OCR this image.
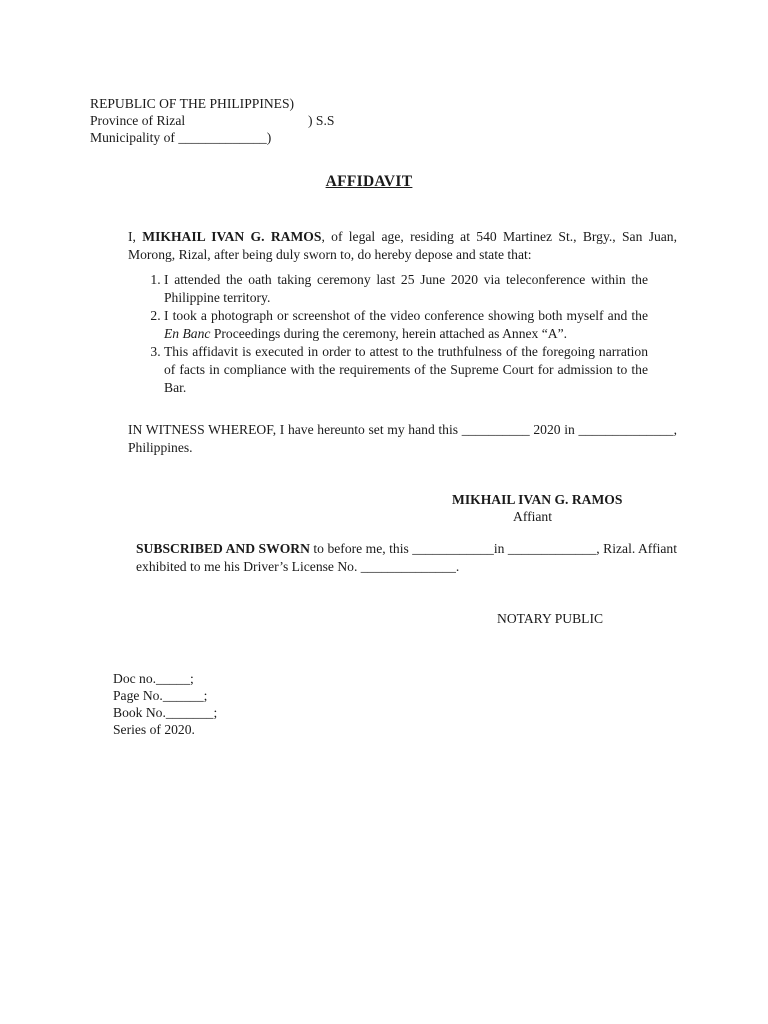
REPUBLIC OF THE PHILIPPINES)
Province of Rizal	) S.S
Municipality of _____________)
AFFIDAVIT

I, MIKHAIL IVAN G. RAMOS, of legal age, residing at 540 Martinez St., Brgy., San Juan, Morong, Rizal, after being duly sworn to, do hereby depose and state that:

1. I attended the oath taking ceremony last 25 June 2020 via teleconference within the Philippine territory.
2. I took a photograph or screenshot of the video conference showing both myself and the En Banc Proceedings during the ceremony, herein attached as Annex “A”.
3. This affidavit is executed in order to attest to the truthfulness of the foregoing narration of facts in compliance with the requirements of the Supreme Court for admission to the Bar.

IN WITNESS WHEREOF, I have hereunto set my hand this __________ 2020 in ______________, Philippines.

MIKHAIL IVAN G. RAMOS
Affiant

SUBSCRIBED AND SWORN to before me, this ____________in _____________, Rizal. Affiant exhibited to me his Driver’s License No. ______________.

NOTARY PUBLIC
Doc no._____;
Page No.______;
Book No._______;
Series of 2020.
